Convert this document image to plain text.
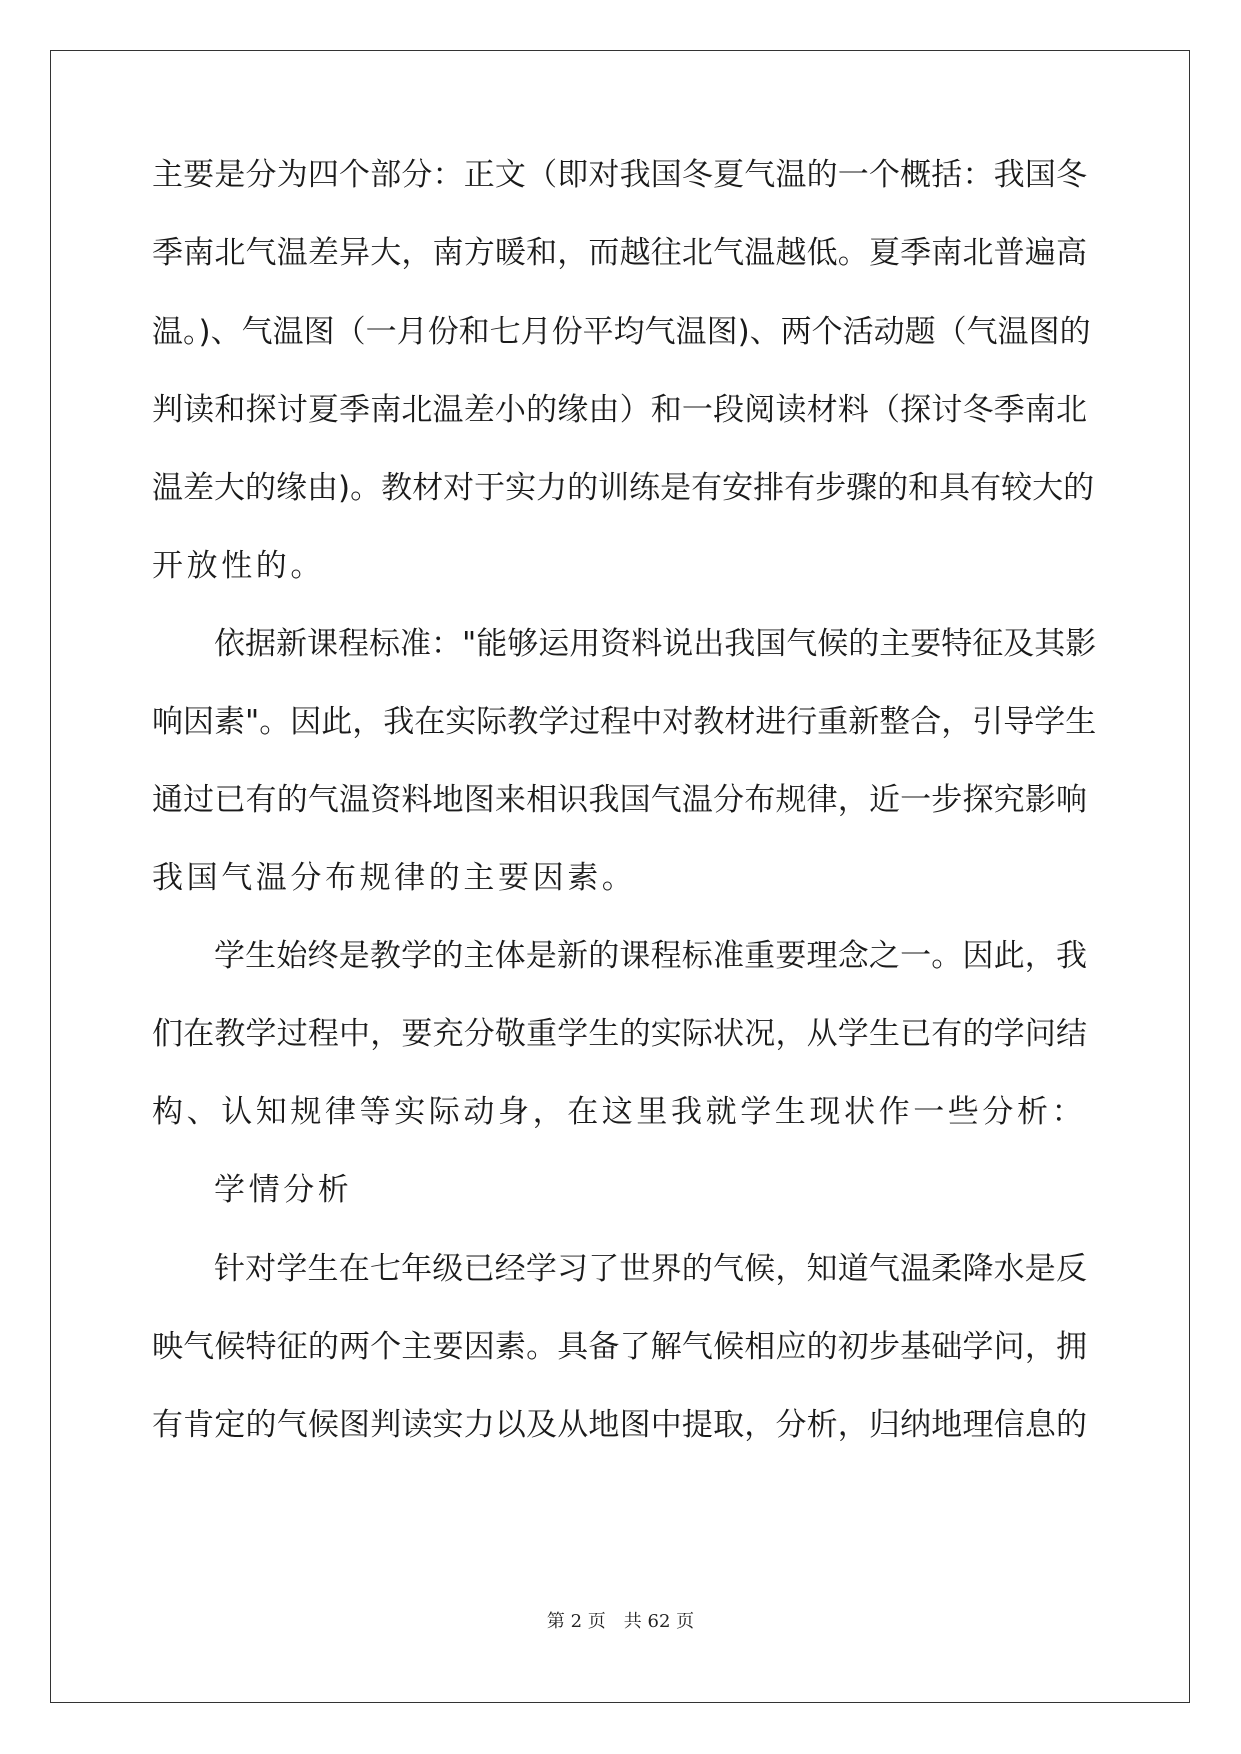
主要是分为四个部分：正文（即对我国冬夏气温的一个概括：我国冬

季南北气温差异大，南方暖和，而越往北气温越低。夏季南北普遍高

温。)、气温图（一月份和七月份平均气温图)、两个活动题（气温图的

判读和探讨夏季南北温差小的缘由）和一段阅读材料（探讨冬季南北

温差大的缘由)。教材对于实力的训练是有安排有步骤的和具有较大的

开放性的。

依据新课程标准："能够运用资料说出我国气候的主要特征及其影

响因素"。因此，我在实际教学过程中对教材进行重新整合，引导学生

通过已有的气温资料地图来相识我国气温分布规律，近一步探究影响

我国气温分布规律的主要因素。

学生始终是教学的主体是新的课程标准重要理念之一。因此，我

们在教学过程中，要充分敬重学生的实际状况，从学生已有的学问结

构、认知规律等实际动身，在这里我就学生现状作一些分析：

学情分析

针对学生在七年级已经学习了世界的气候，知道气温柔降水是反

映气候特征的两个主要因素。具备了解气候相应的初步基础学问，拥

有肯定的气候图判读实力以及从地图中提取，分析，归纳地理信息的

第 2 页 共 62 页
